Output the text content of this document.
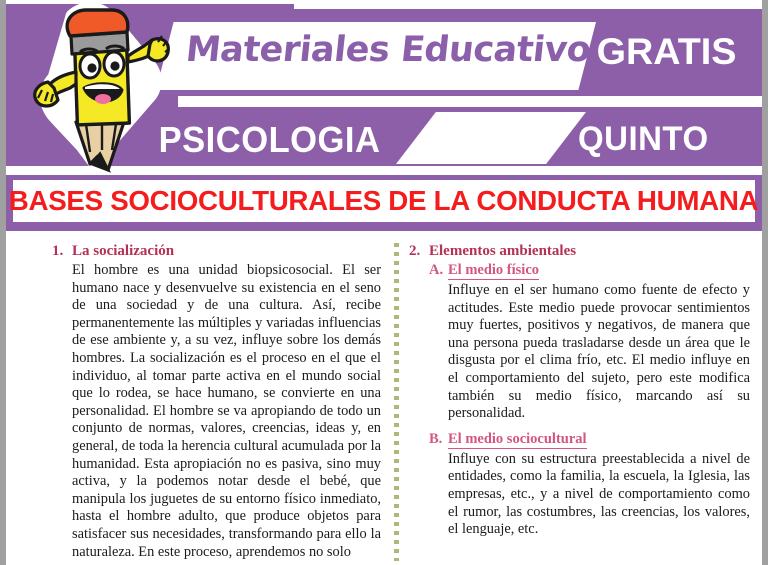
Materiales Educativos
GRATIS
PSICOLOGIA	QUINTO
BASES SOCIOCULTURALES DE LA CONDUCTA HUMANA
1. La socialización

El hombre es una unidad biopsicosocial. El ser humano nace y desenvuelve su existencia en el seno de una sociedad y de una cultura. Así, recibe permanentemente las múltiples y variadas influencias de ese ambiente y, a su vez, influye sobre los demás hombres. La socialización es el proceso en el que el individuo, al tomar parte activa en el mundo social que lo rodea, se hace humano, se convierte en una personalidad. El hombre se va apropiando de todo un conjunto de normas, valores, creencias, ideas y, en general, de toda la herencia cultural acumulada por la humanidad. Esta apropiación no es pasiva, sino muy activa, y la podemos notar desde el bebé, que manipula los juguetes de su entorno físico inmediato, hasta el hombre adulto, que produce objetos para satisfacer sus necesidades, transformando para ello la naturaleza. En este proceso, aprendemos no solo

2. Elementos ambientales
A. El medio físico

Influye en el ser humano como fuente de efecto y actitudes. Este medio puede provocar sentimientos muy fuertes, positivos y negativos, de manera que una persona pueda trasladarse desde un área que le disgusta por el clima frío, etc. El medio influye en el comportamiento del sujeto, pero este modifica también su medio físico, marcando así su personalidad.

B. El medio sociocultural

Influye con su estructura preestablecida a nivel de entidades, como la familia, la escuela, la Iglesia, las empresas, etc., y a nivel de comportamiento como el rumor, las costumbres, las creencias, los valores, el lenguaje, etc.
